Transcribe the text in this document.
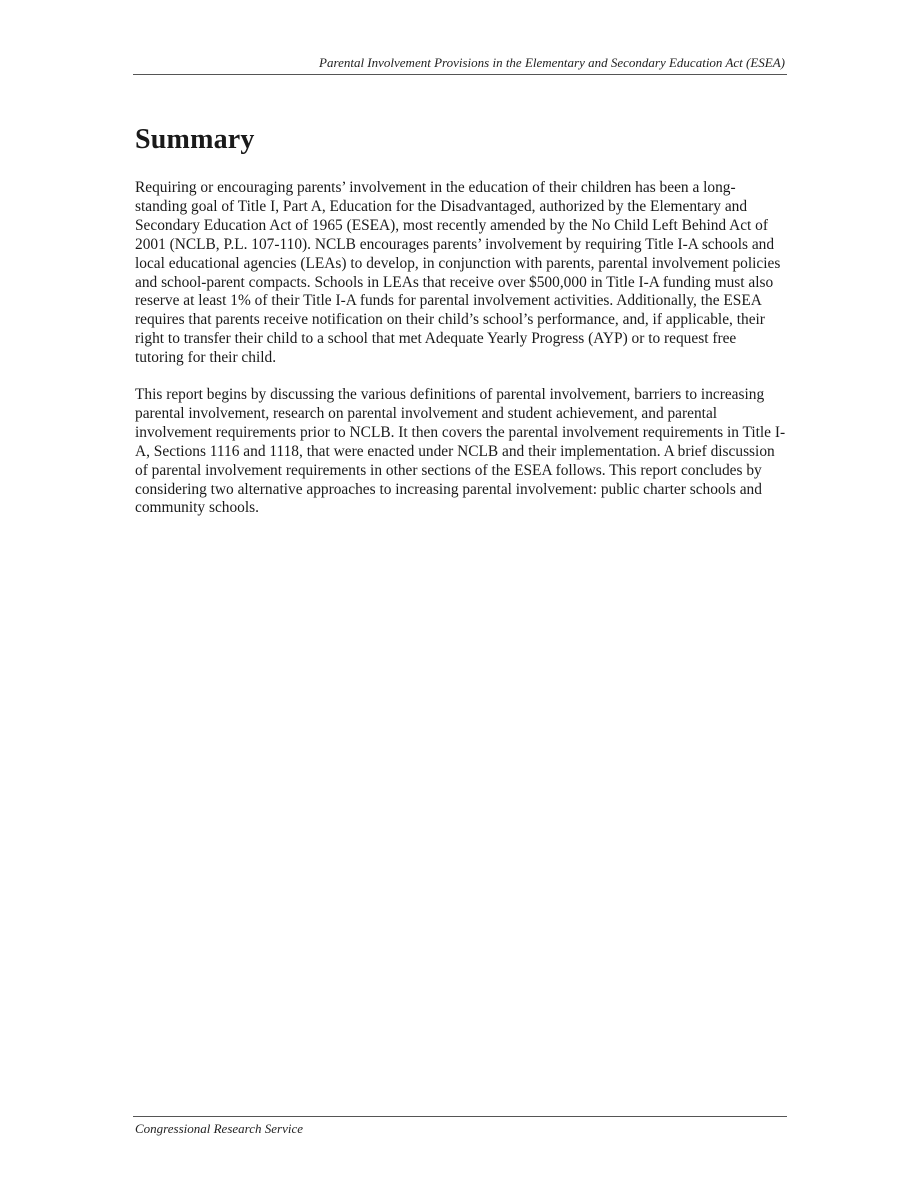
Parental Involvement Provisions in the Elementary and Secondary Education Act (ESEA)
Summary

Requiring or encouraging parents’ involvement in the education of their children has been a long-standing goal of Title I, Part A, Education for the Disadvantaged, authorized by the Elementary and Secondary Education Act of 1965 (ESEA), most recently amended by the No Child Left Behind Act of 2001 (NCLB, P.L. 107-110). NCLB encourages parents’ involvement by requiring Title I-A schools and local educational agencies (LEAs) to develop, in conjunction with parents, parental involvement policies and school-parent compacts. Schools in LEAs that receive over $500,000 in Title I-A funding must also reserve at least 1% of their Title I-A funds for parental involvement activities. Additionally, the ESEA requires that parents receive notification on their child’s school’s performance, and, if applicable, their right to transfer their child to a school that met Adequate Yearly Progress (AYP) or to request free tutoring for their child.

This report begins by discussing the various definitions of parental involvement, barriers to increasing parental involvement, research on parental involvement and student achievement, and parental involvement requirements prior to NCLB. It then covers the parental involvement requirements in Title I-A, Sections 1116 and 1118, that were enacted under NCLB and their implementation. A brief discussion of parental involvement requirements in other sections of the ESEA follows. This report concludes by considering two alternative approaches to increasing parental involvement: public charter schools and community schools.

Congressional Research Service
